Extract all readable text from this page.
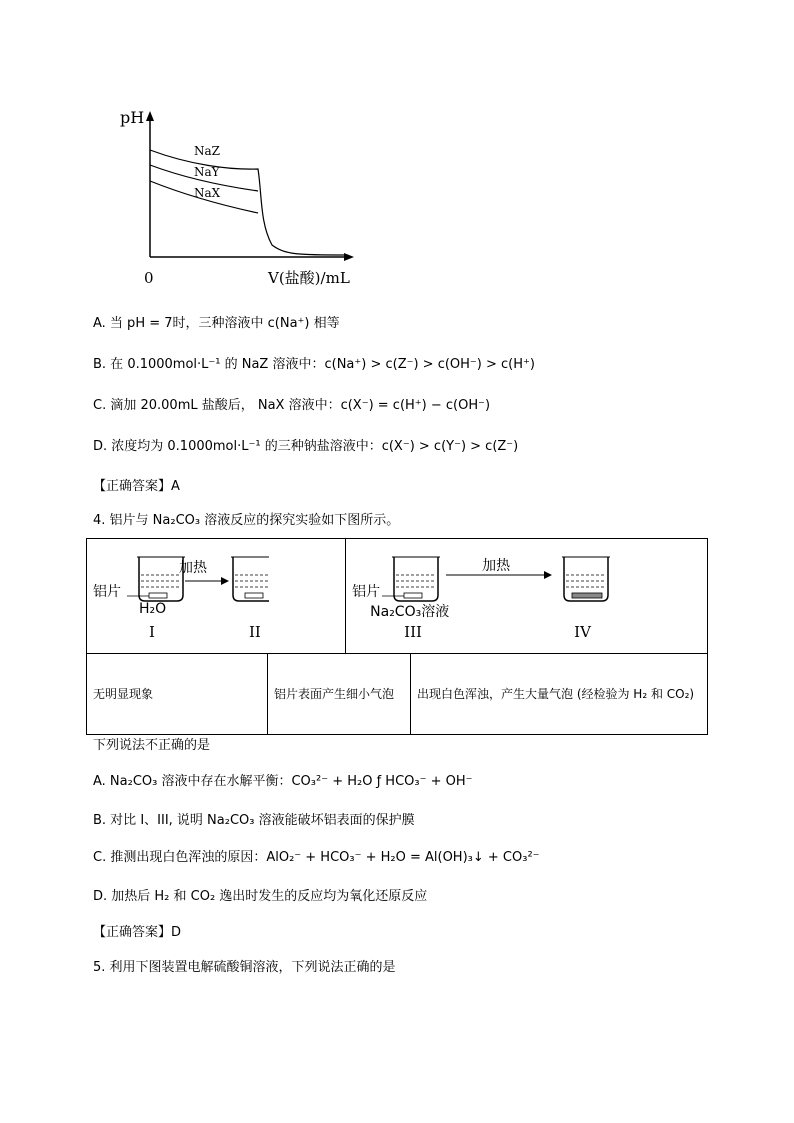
NaZ
NaY
NaX
pH
0	V(盐酸)/mL
A. 当 pH = 7时，三种溶液中 c(Na⁺) 相等
B. 在 0.1000mol·L⁻¹ 的 NaZ 溶液中：c(Na⁺) > c(Z⁻) > c(OH⁻) > c(H⁺)
C. 滴加 20.00mL 盐酸后， NaX 溶液中：c(X⁻) = c(H⁺) − c(OH⁻)
D. 浓度均为 0.1000mol·L⁻¹ 的三种钠盐溶液中：c(X⁻) > c(Y⁻) > c(Z⁻)
【正确答案】A
4. 铝片与 Na₂CO₃ 溶液反应的探究实验如下图所示。
加热
铝片
H₂O
I II		加热
铝片
Na₂CO₃溶液
III IV	

无明显现象	铝片表面产生细小气泡		出现白色浑浊，产生大量气泡 (经检验为 H₂ 和 CO₂)
下列说法不正确的是
A. Na₂CO₃ 溶液中存在水解平衡：CO₃²⁻ + H₂O ƒ HCO₃⁻ + OH⁻
B. 对比 I、III, 说明 Na₂CO₃ 溶液能破坏铝表面的保护膜
C. 推测出现白色浑浊的原因：AlO₂⁻ + HCO₃⁻ + H₂O = Al(OH)₃↓ + CO₃²⁻
D. 加热后 H₂ 和 CO₂ 逸出时发生的反应均为氧化还原反应
【正确答案】D
5. 利用下图装置电解硫酸铜溶液，下列说法正确的是
